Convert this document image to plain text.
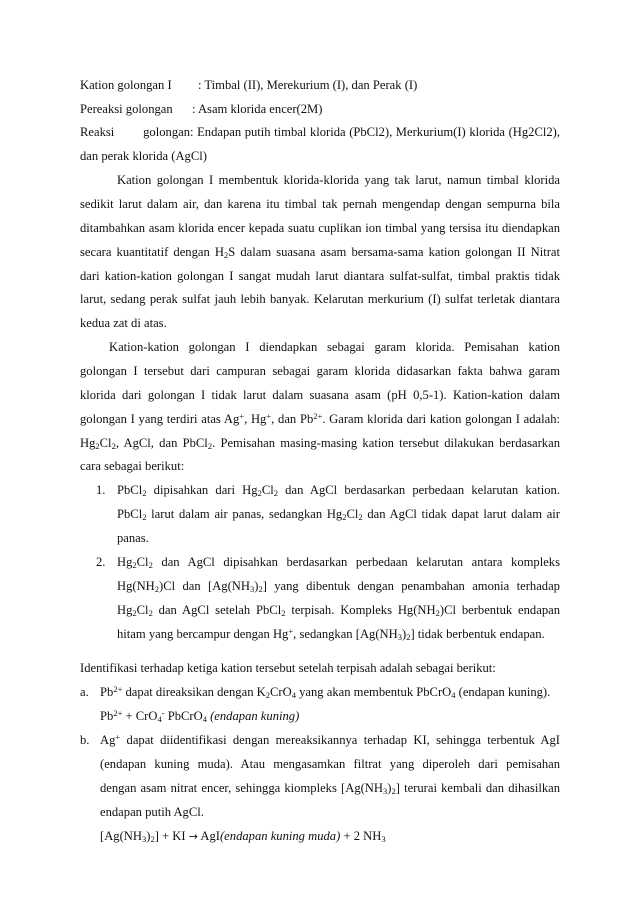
Kation golongan I : Timbal (II), Merekurium (I), dan Perak (I)
Pereaksi golongan : Asam klorida encer(2M)
Reaksi golongan: Endapan putih timbal klorida (PbCl2), Merkurium(I) klorida (Hg2Cl2),
dan perak klorida (AgCl)
Kation golongan I membentuk klorida-klorida yang tak larut, namun timbal klorida
sedikit larut dalam air, dan karena itu timbal tak pernah mengendap dengan sempurna bila
ditambahkan asam klorida encer kepada suatu cuplikan ion timbal yang tersisa itu diendapkan
secara kuantitatif dengan $H_2S$ dalam suasana asam bersama-sama kation golongan II Nitrat
dari kation-kation golongan I sangat mudah larut diantara sulfat-sulfat, timbal praktis tidak
larut, sedang perak sulfat jauh lebih banyak. Kelarutan merkurium (I) sulfat terletak diantara
kedua zat di atas.
Kation-kation golongan I diendapkan sebagai garam klorida. Pemisahan kation
golongan I tersebut dari campuran sebagai garam klorida didasarkan fakta bahwa garam
klorida dari golongan I tidak larut dalam suasana asam (pH 0,5-1). Kation-kation dalam
golongan I yang terdiri atas Ag+, Hg+, dan $Pb^{2+}$. Garam klorida dari kation golongan I adalah:
$Hg_2Cl_2$, AgCl, dan PbCl$_2$. Pemisahan masing-masing kation tersebut dilakukan berdasarkan
cara sebagai berikut:
1. PbCl$_2$ dipisahkan dari $Hg_2Cl_2$ dan AgCl berdasarkan perbedaan kelarutan kation.
PbCl$_2$ larut dalam air panas, sedangkan $Hg_2Cl_2$ dan AgCl tidak dapat larut dalam air
panas.
2. $Hg_2Cl_2$ dan AgCl dipisahkan berdasarkan perbedaan kelarutan antara kompleks
$Hg(NH_2)Cl$ dan $[Ag(NH_3)_2]$ yang dibentuk dengan penambahan amonia terhadap
$Hg_2Cl_2$ dan AgCl setelah PbCl$_2$ terpisah. Kompleks $Hg(NH_2)Cl$ berbentuk endapan
hitam yang bercampur dengan Hg+, sedangkan $[Ag(NH_3)_2]$ tidak berbentuk endapan.
Identifikasi terhadap ketiga kation tersebut setelah terpisah adalah sebagai berikut:
a. $Pb^{2+}$ dapat direaksikan dengan $K_2CrO_4$ yang akan membentuk PbCrO$_4$ (endapan kuning).
$Pb^{2+} + CrO_4^-$ PbCrO$_4$ (endapan kuning)
b. Ag+ dapat diidentifikasi dengan mereaksikannya terhadap KI, sehingga terbentuk AgI
(endapan kuning muda). Atau mengasamkan filtrat yang diperoleh dari pemisahan
dengan asam nitrat encer, sehingga kiompleks $[Ag(NH_3)_2]$ terurai kembali dan dihasilkan
endapan putih AgCl.
$[Ag(NH_3)_2]$ + KI → AgI(endapan kuning muda) + 2 $NH_3$
